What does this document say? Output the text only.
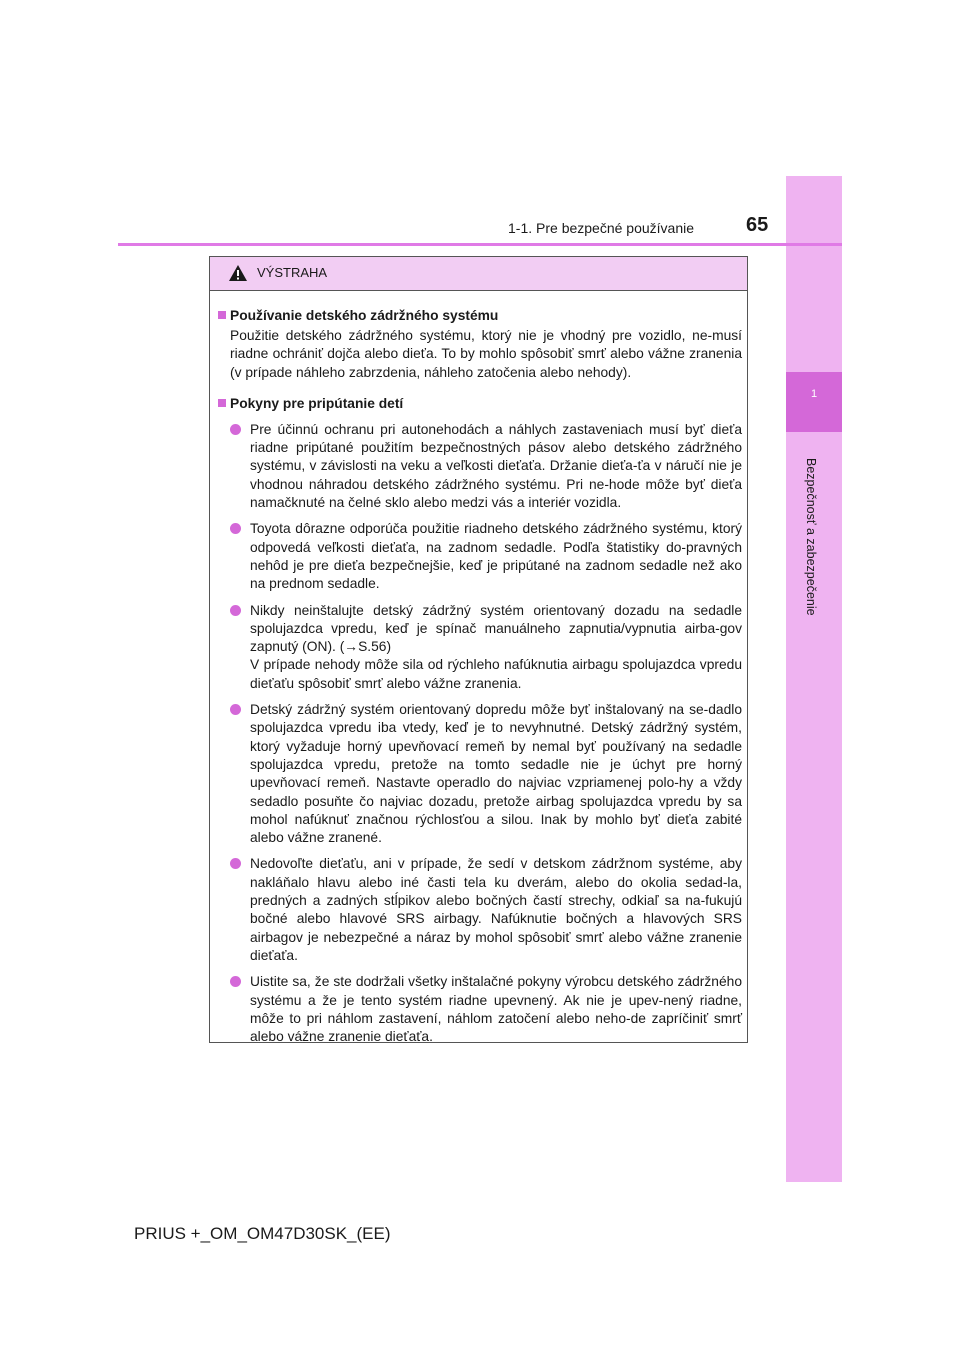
1
Bezpečnosť a zabezpečenie
1-1. Pre bezpečné používanie	65
VÝSTRAHA
Používanie detského zádržného systému
Použitie detského zádržného systému, ktorý nie je vhodný pre vozidlo, ne-musí riadne ochrániť dojča alebo dieťa. To by mohlo spôsobiť smrť alebo vážne zranenia (v prípade náhleho zabrzdenia, náhleho zatočenia alebo nehody).
Pokyny pre pripútanie detí
Pre účinnú ochranu pri autonehodách a náhlych zastaveniach musí byť dieťa riadne pripútané použitím bezpečnostných pásov alebo detského zádržného systému, v závislosti na veku a veľkosti dieťaťa. Držanie dieťa-ťa v náručí nie je vhodnou náhradou detského zádržného systému. Pri ne-hode môže byť dieťa namačknuté na čelné sklo alebo medzi vás a interiér vozidla.
Toyota dôrazne odporúča použitie riadneho detského zádržného systému, ktorý odpovedá veľkosti dieťaťa, na zadnom sedadle. Podľa štatistiky do-pravných nehôd je pre dieťa bezpečnejšie, keď je pripútané na zadnom sedadle než ako na prednom sedadle.
Nikdy neinštalujte detský zádržný systém orientovaný dozadu na sedadle spolujazdca vpredu, keď je spínač manuálneho zapnutia/vypnutia airba-gov zapnutý (ON). (→S.56)
V prípade nehody môže sila od rýchleho nafúknutia airbagu spolujazdca vpredu dieťaťu spôsobiť smrť alebo vážne zranenia.
Detský zádržný systém orientovaný dopredu môže byť inštalovaný na se-dadlo spolujazdca vpredu iba vtedy, keď je to nevyhnutné. Detský zádržný systém, ktorý vyžaduje horný upevňovací remeň by nemal byť používaný na sedadle spolujazdca vpredu, pretože na tomto sedadle nie je úchyt pre horný upevňovací remeň. Nastavte operadlo do najviac vzpriamenej polo-hy a vždy sedadlo posuňte čo najviac dozadu, pretože airbag spolujazdca vpredu by sa mohol nafúknuť značnou rýchlosťou a silou. Inak by mohlo byť dieťa zabité alebo vážne zranené.
Nedovoľte dieťaťu, ani v prípade, že sedí v detskom zádržnom systéme, aby nakláňalo hlavu alebo iné časti tela ku dverám, alebo do okolia sedad-la, predných a zadných stĺpikov alebo bočných častí strechy, odkiaľ sa na-fukujú bočné alebo hlavové SRS airbagy. Nafúknutie bočných a hlavových SRS airbagov je nebezpečné a náraz by mohol spôsobiť smrť alebo vážne zranenie dieťaťa.
Uistite sa, že ste dodržali všetky inštalačné pokyny výrobcu detského zádržného systému a že je tento systém riadne upevnený. Ak nie je upev-nený riadne, môže to pri náhlom zastavení, náhlom zatočení alebo neho-de zapríčiniť smrť alebo vážne zranenie dieťaťa.
PRIUS +_OM_OM47D30SK_(EE)
